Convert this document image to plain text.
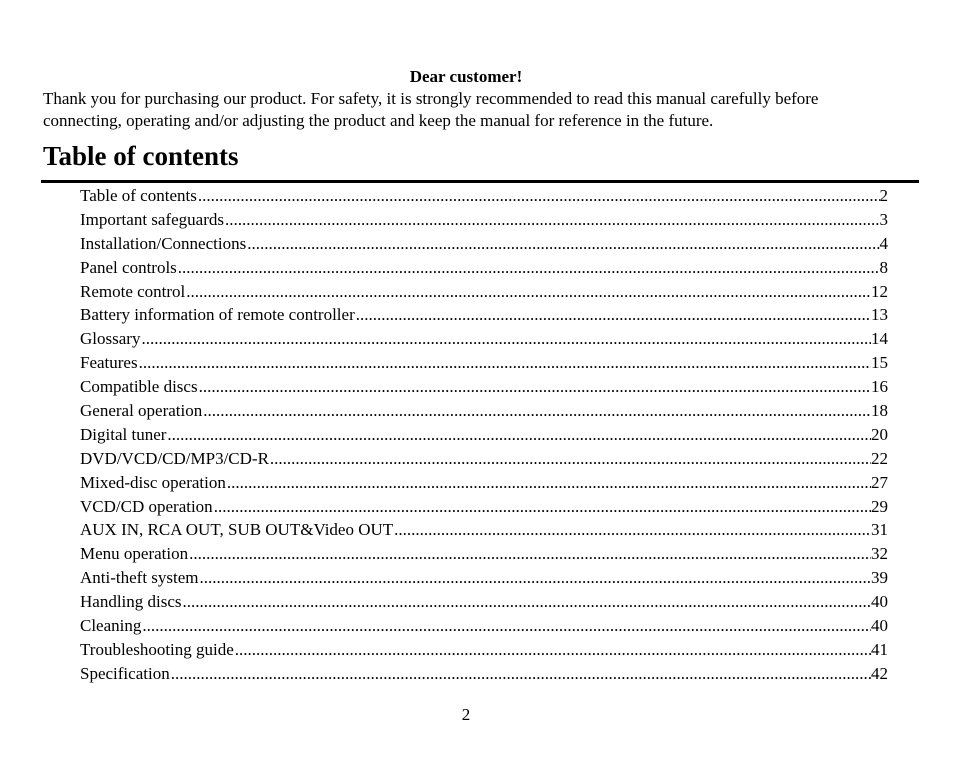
Dear customer!

Thank you for purchasing our product. For safety, it is strongly recommended to read this manual carefully before

connecting, operating and/or adjusting the product and keep the manual for reference in the future.

Table of contents
Table of contents .....	2
Important safeguards .....	3
Installation/Connections .....	4
Panel controls .....	8
Remote control .....	12
Battery information of remote controller .....	13
Glossary .....	14
Features .....	15
Compatible discs .....	16
General operation .....	18
Digital tuner .....	20
DVD/VCD/CD/MP3/CD-R .....	22
Mixed-disc operation .....	27
VCD/CD operation .....	29
AUX IN, RCA OUT, SUB OUT&Video OUT .....	31
Menu operation .....	32
Anti-theft system .....	39
Handling discs .....	40
Cleaning .....	40
Troubleshooting guide .....	41
Specification .....	42
2
